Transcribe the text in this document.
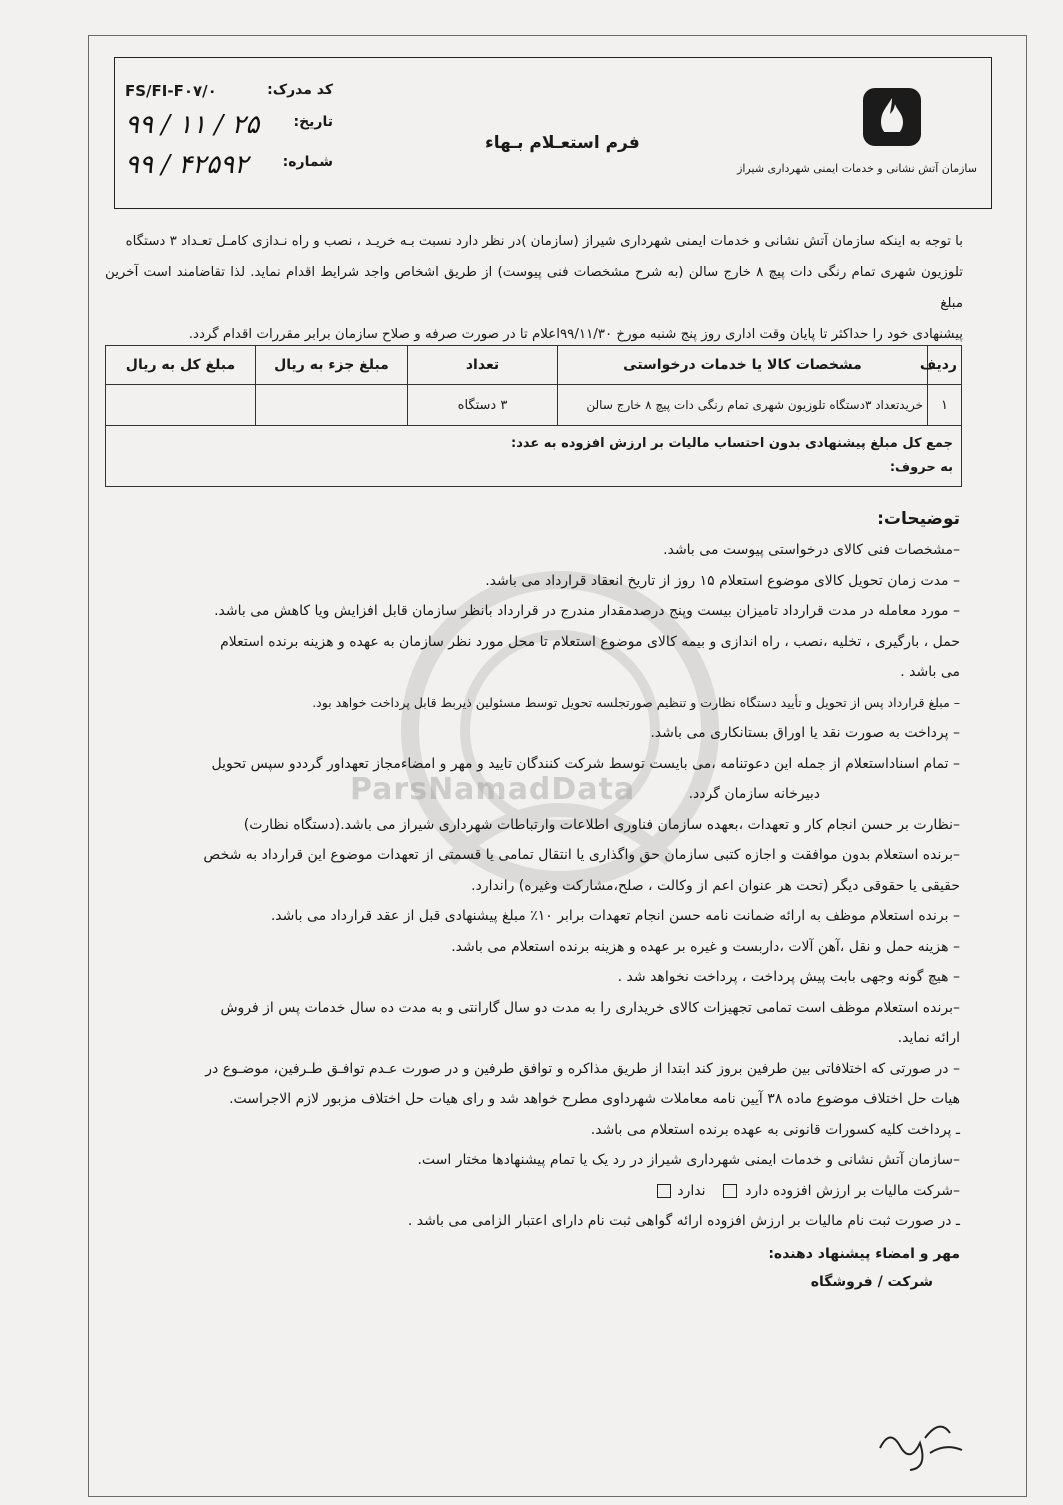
سازمان آتش نشانی و خدمات ایمنی شهرداری شیراز
فرم استعـلام بـهاء
کد مدرک:
FS/FI-F۰۷/۰
تاریخ:
۹۹ / ۱۱ / ۲۵
شماره:
۹۹ / ۴۲۵۹۲

با توجه به اینکه سازمان آتش نشانی و خدمات ایمنی شهرداری شیراز (سازمان )در نظر دارد نسبت بـه خریـد ، نصب و راه نـدازی کامـل تعـداد ۳ دستگاه

تلوزیون شهری تمام رنگی دات پیچ ۸ خارج سالن (به شرح مشخصات فنی پیوست) از طریق اشخاص واجد شرایط اقدام نماید. لذا تقاضامند است آخرین مبلغ

پیشنهادی خود را حداکثر تا پایان وقت اداری روز پنج شنبه مورخ ۹۹/۱۱/۳۰اعلام تا در صورت صرفه و صلاح سازمان برابر مقررات اقدام گردد.

ردیف	مشخصات کالا یا خدمات درخواستی	تعداد	مبلغ جزء به ریال	مبلغ کل به ریال
۱	خریدتعداد ۳دستگاه تلوزیون شهری تمام رنگی دات پیچ ۸ خارج سالن	۳ دستگاه		

جمع کل مبلغ پیشنهادی بدون احتساب مالیات بر ارزش افزوده به عدد:
به حروف:				
ParsNamadData
توضیحات:

–مشخصات فنی کالای درخواستی پیوست می باشد.

– مدت زمان تحویل کالای موضوع استعلام ۱۵ روز از تاریخ انعقاد قرارداد می باشد.

– مورد معامله در مدت قرارداد تامیزان بیست وپنج درصدمقدار مندرج در قرارداد بانظر سازمان قابل افزایش ویا کاهش می باشد.

حمل ، بارگیری ، تخلیه ،نصب ، راه اندازی و بیمه کالای موضوع استعلام تا محل مورد نظر سازمان به عهده و هزینه برنده استعلام

می باشد .

– مبلغ قرارداد پس از تحویل و تأیید دستگاه نظارت و تنظیم صورتجلسه تحویل توسط مسئولین ذیربط قابل پرداخت خواهد بود.

– پرداخت به صورت نقد یا اوراق بستانکاری می باشد.

– تمام اسناداستعلام از جمله این دعوتنامه ،می بایست توسط شرکت کنندگان تایید و مهر و امضاءمجاز تعهداور گرددو سپس تحویل

دبیرخانه سازمان گردد.

–نظارت بر حسن انجام کار و تعهدات ،بعهده سازمان فناوری اطلاعات وارتباطات شهرداری شیراز می باشد.(دستگاه نظارت)

–برنده استعلام بدون موافقت و اجازه کتبی سازمان حق واگذاری یا انتقال تمامی یا قسمتی از تعهدات موضوع این قرارداد به شخص

حقیقی یا حقوقی دیگر (تحت هر عنوان اعم از وکالت ، صلح،مشارکت وغیره) راندارد.

– برنده استعلام موظف به ارائه ضمانت نامه حسن انجام تعهدات برابر ۱۰٪ مبلغ پیشنهادی قبل از عقد قرارداد می باشد.

– هزینه حمل و نقل ،آهن آلات ،داربست و غیره بر عهده و هزینه برنده استعلام می باشد.

– هیچ گونه وجهی بابت پیش پرداخت ، پرداخت نخواهد شد .

–برنده استعلام موظف است تمامی تجهیزات کالای خریداری را به مدت دو سال گارانتی و به مدت ده سال خدمات پس از فروش

ارائه نماید.

– در صورتی که اختلافاتی بین طرفین بروز کند ابتدا از طریق مذاکره و توافق طرفین و در صورت عـدم توافـق طـرفین، موضـوع در

هیات حل اختلاف موضوع ماده ۳۸ آیین نامه معاملات شهرداوی مطرح خواهد شد و رای هیات حل اختلاف مزبور لازم الاجراست.

ـ پرداخت کلیه کسورات قانونی به عهده برنده استعلام می باشد.

–سازمان آتش نشانی و خدمات ایمنی شهرداری شیراز در رد یک یا تمام پیشنهادها مختار است.

–شرکت مالیات بر ارزش افزوده دارد    ندارد

ـ در صورت ثبت نام مالیات بر ارزش افزوده ارائه گواهی ثبت نام دارای اعتبار الزامی می باشد .

مهر و امضاء پیشنهاد دهنده:
شرکت / فروشگاه
